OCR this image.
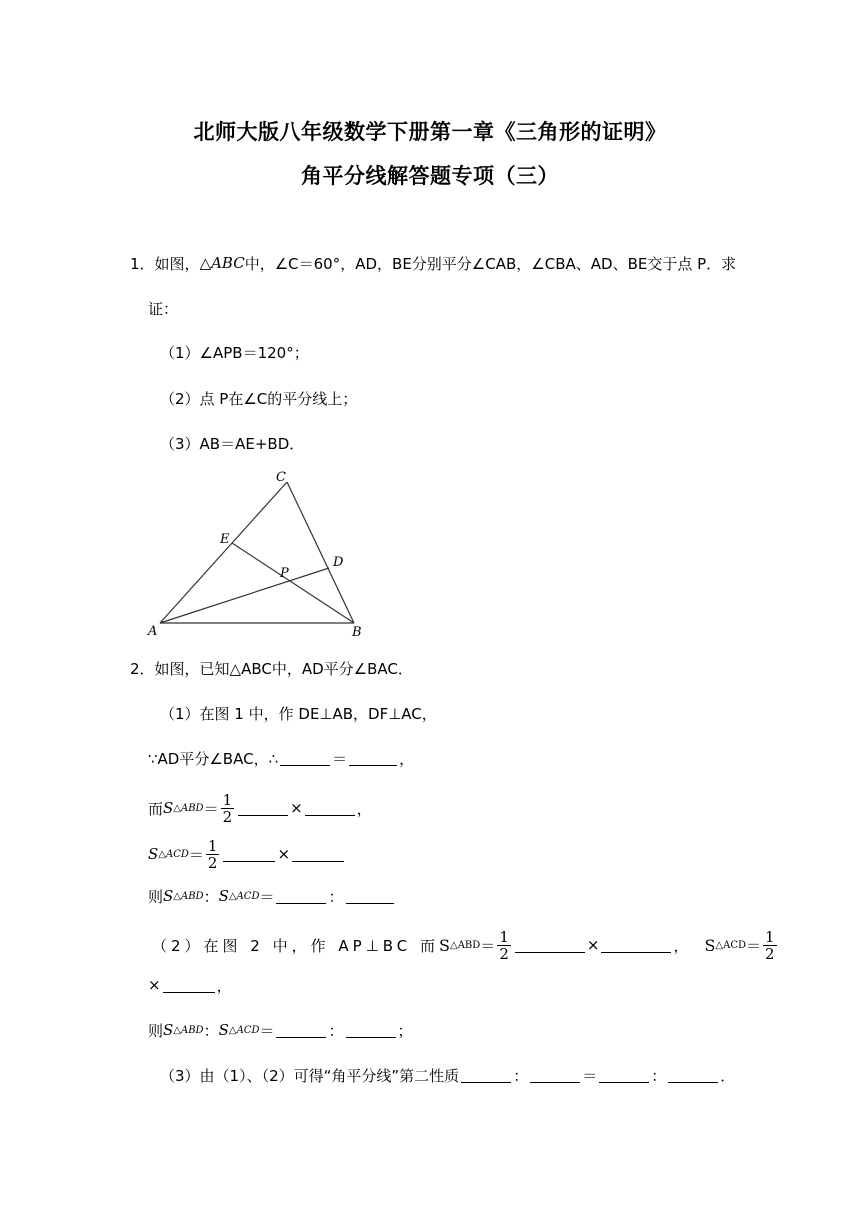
北师大版八年级数学下册第一章《三角形的证明》
角平分线解答题专项（三）
1． 如图， △ABC 中，∠C＝60°，AD，BE分别平分∠CAB，∠CBA、AD、BE交于点 P．求
证：
（1）∠APB＝120°；
（2）点 P在∠C的平分线上；
（3）AB＝AE+BD．
C
E
D
P
A	B
2． 如图，已知△ABC中，AD平分∠BAC．
（1）在图 1 中，作 DE⊥AB，DF⊥AC，
∵AD平分∠BAC，∴	＝	，
而 S △ABD ＝ $\frac{1}{2}$	×	，
S △ACD ＝ $\frac{1}{2}$	×
则 S △ABD ： S △ACD ＝	：
（2）在图 2 中，作 AP⊥BC 而 S △ABD ＝ $\frac{1}{2}$	×	， S △ACD ＝ $\frac{1}{2}$
×	，
则 S △ABD ： S △ACD ＝	：	；
（3）由（1）、（2）可得“角平分线”第二性质	：	＝	：	．
